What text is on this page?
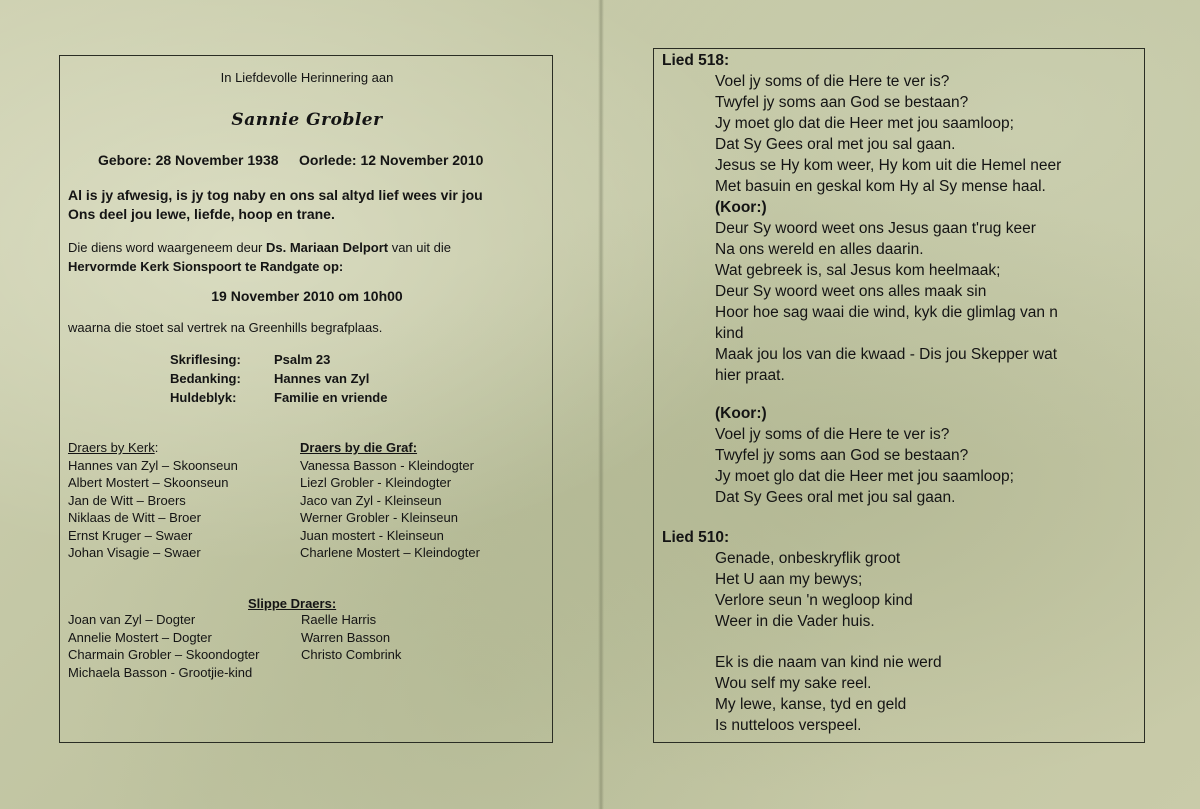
In Liefdevolle Herinnering aan
Sannie Grobler
Gebore: 28 November 1938 Oorlede: 12 November 2010
Al is jy afwesig, is jy tog naby en ons sal altyd lief wees vir jou
Ons deel jou lewe, liefde, hoop en trane.
Die diens word waargeneem deur Ds. Mariaan Delport van uit die
Hervormde Kerk Sionspoort te Randgate op:
19 November 2010 om 10h00
waarna die stoet sal vertrek na Greenhills begrafplaas.
Skriflesing:
Bedanking:
Huldeblyk:
Psalm 23
Hannes van Zyl
Familie en vriende
Draers by Kerk:
Hannes van Zyl – Skoonseun
Albert Mostert – Skoonseun
Jan de Witt – Broers
Niklaas de Witt – Broer
Ernst Kruger – Swaer
Johan Visagie – Swaer
Draers by die Graf:
Vanessa Basson - Kleindogter
Liezl Grobler - Kleindogter
Jaco van Zyl - Kleinseun
Werner Grobler - Kleinseun
Juan mostert - Kleinseun
Charlene Mostert – Kleindogter
Slippe Draers:
Joan van Zyl – Dogter
Annelie Mostert – Dogter
Charmain Grobler – Skoondogter
Michaela Basson - Grootjie-kind
Raelle Harris
Warren Basson
Christo Combrink
Lied 518:
Voel jy soms of die Here te ver is?
Twyfel jy soms aan God se bestaan?
Jy moet glo dat die Heer met jou saamloop;
Dat Sy Gees oral met jou sal gaan.
Jesus se Hy kom weer, Hy kom uit die Hemel neer
Met basuin en geskal kom Hy al Sy mense haal.
(Koor:)
Deur Sy woord weet ons Jesus gaan t'rug keer
Na ons wereld en alles daarin.
Wat gebreek is, sal Jesus kom heelmaak;
Deur Sy woord weet ons alles maak sin
Hoor hoe sag waai die wind, kyk die glimlag van n
kind
Maak jou los van die kwaad - Dis jou Skepper wat
hier praat.
(Koor:)
Voel jy soms of die Here te ver is?
Twyfel jy soms aan God se bestaan?
Jy moet glo dat die Heer met jou saamloop;
Dat Sy Gees oral met jou sal gaan.
Lied 510:
Genade, onbeskryflik groot
Het U aan my bewys;
Verlore seun 'n wegloop kind
Weer in die Vader huis.
Ek is die naam van kind nie werd
Wou self my sake reel.
My lewe, kanse, tyd en geld
Is nutteloos verspeel.
